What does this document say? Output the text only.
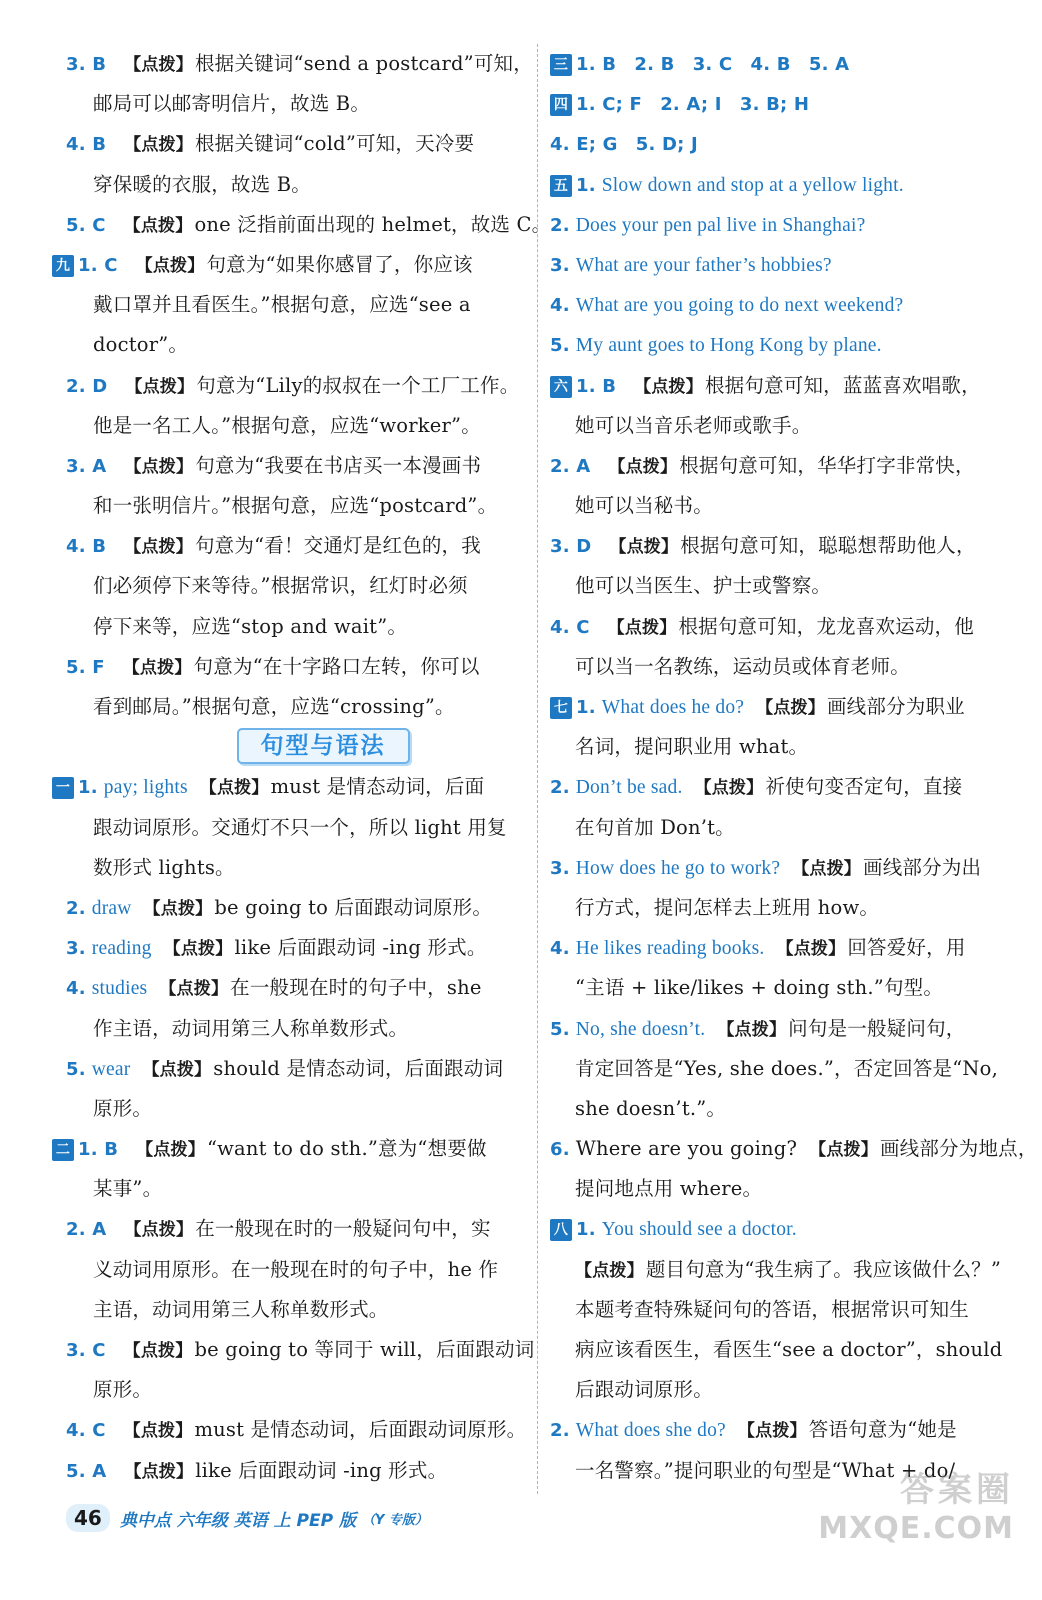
3. B 【点拨】 根据关键词“send a postcard”可知，
邮局可以邮寄明信片，故选 B。
4. B 【点拨】 根据关键词“cold”可知，天冷要
穿保暖的衣服，故选 B。
5. C 【点拨】 one 泛指前面出现的 helmet，故选 C。
九 1. C 【点拨】 句意为“如果你感冒了，你应该
戴口罩并且看医生。”根据句意，应选“see a
doctor”。
2. D 【点拨】 句意为“Lily的叔叔在一个工厂工作。
他是一名工人。”根据句意，应选“worker”。
3. A 【点拨】 句意为“我要在书店买一本漫画书
和一张明信片。”根据句意，应选“postcard”。
4. B 【点拨】 句意为“看！交通灯是红色的，我
们必须停下来等待。”根据常识，红灯时必须
停下来等，应选“stop and wait”。
5. F 【点拨】 句意为“在十字路口左转，你可以
看到邮局。”根据句意，应选“crossing”。
句型与语法
一 1. pay; lights 【点拨】 must 是情态动词，后面
跟动词原形。交通灯不只一个，所以 light 用复
数形式 lights。
2. draw 【点拨】 be going to 后面跟动词原形。
3. reading 【点拨】 like 后面跟动词 -ing 形式。
4. studies 【点拨】 在一般现在时的句子中，she
作主语，动词用第三人称单数形式。
5. wear 【点拨】 should 是情态动词，后面跟动词
原形。
二 1. B 【点拨】 “want to do sth.”意为“想要做
某事”。
2. A 【点拨】 在一般现在时的一般疑问句中，实
义动词用原形。在一般现在时的句子中，he 作
主语，动词用第三人称单数形式。
3. C 【点拨】 be going to 等同于 will，后面跟动词
原形。
4. C 【点拨】 must 是情态动词，后面跟动词原形。
5. A 【点拨】 like 后面跟动词 -ing 形式。
三 1. B　2. B　3. C　4. B　5. A
四 1. C; F　2. A; I　3. B; H
4. E; G　5. D; J
五 1. Slow down and stop at a yellow light.
2. Does your pen pal live in Shanghai?
3. What are your father’s hobbies?
4. What are you going to do next weekend?
5. My aunt goes to Hong Kong by plane.
六 1. B 【点拨】 根据句意可知，蓝蓝喜欢唱歌，
她可以当音乐老师或歌手。
2. A 【点拨】 根据句意可知，华华打字非常快，
她可以当秘书。
3. D 【点拨】 根据句意可知，聪聪想帮助他人，
他可以当医生、护士或警察。
4. C 【点拨】 根据句意可知，龙龙喜欢运动，他
可以当一名教练，运动员或体育老师。
七 1. What does he do? 【点拨】 画线部分为职业
名词，提问职业用 what。
2. Don’t be sad. 【点拨】 祈使句变否定句，直接
在句首加 Don’t。
3. How does he go to work? 【点拨】 画线部分为出
行方式，提问怎样去上班用 how。
4. He likes reading books. 【点拨】 回答爱好，用
“主语 + like/likes + doing sth.”句型。
5. No, she doesn’t. 【点拨】 问句是一般疑问句，
肯定回答是“Yes, she does.”，否定回答是“No,
she doesn’t.”。
6. Where are you going? 【点拨】 画线部分为地点，
提问地点用 where。
八 1. You should see a doctor.
【点拨】 题目句意为“我生病了。我应该做什么？”
本题考查特殊疑问句的答语，根据常识可知生
病应该看医生，看医生“see a doctor”，should
后跟动词原形。
2. What does she do? 【点拨】 答语句意为“她是
一名警察。”提问职业的句型是“What + do/
46	典中点 六年级 英语 上 PEP 版 （Y 专版）
答案圈
MXQE.COM
